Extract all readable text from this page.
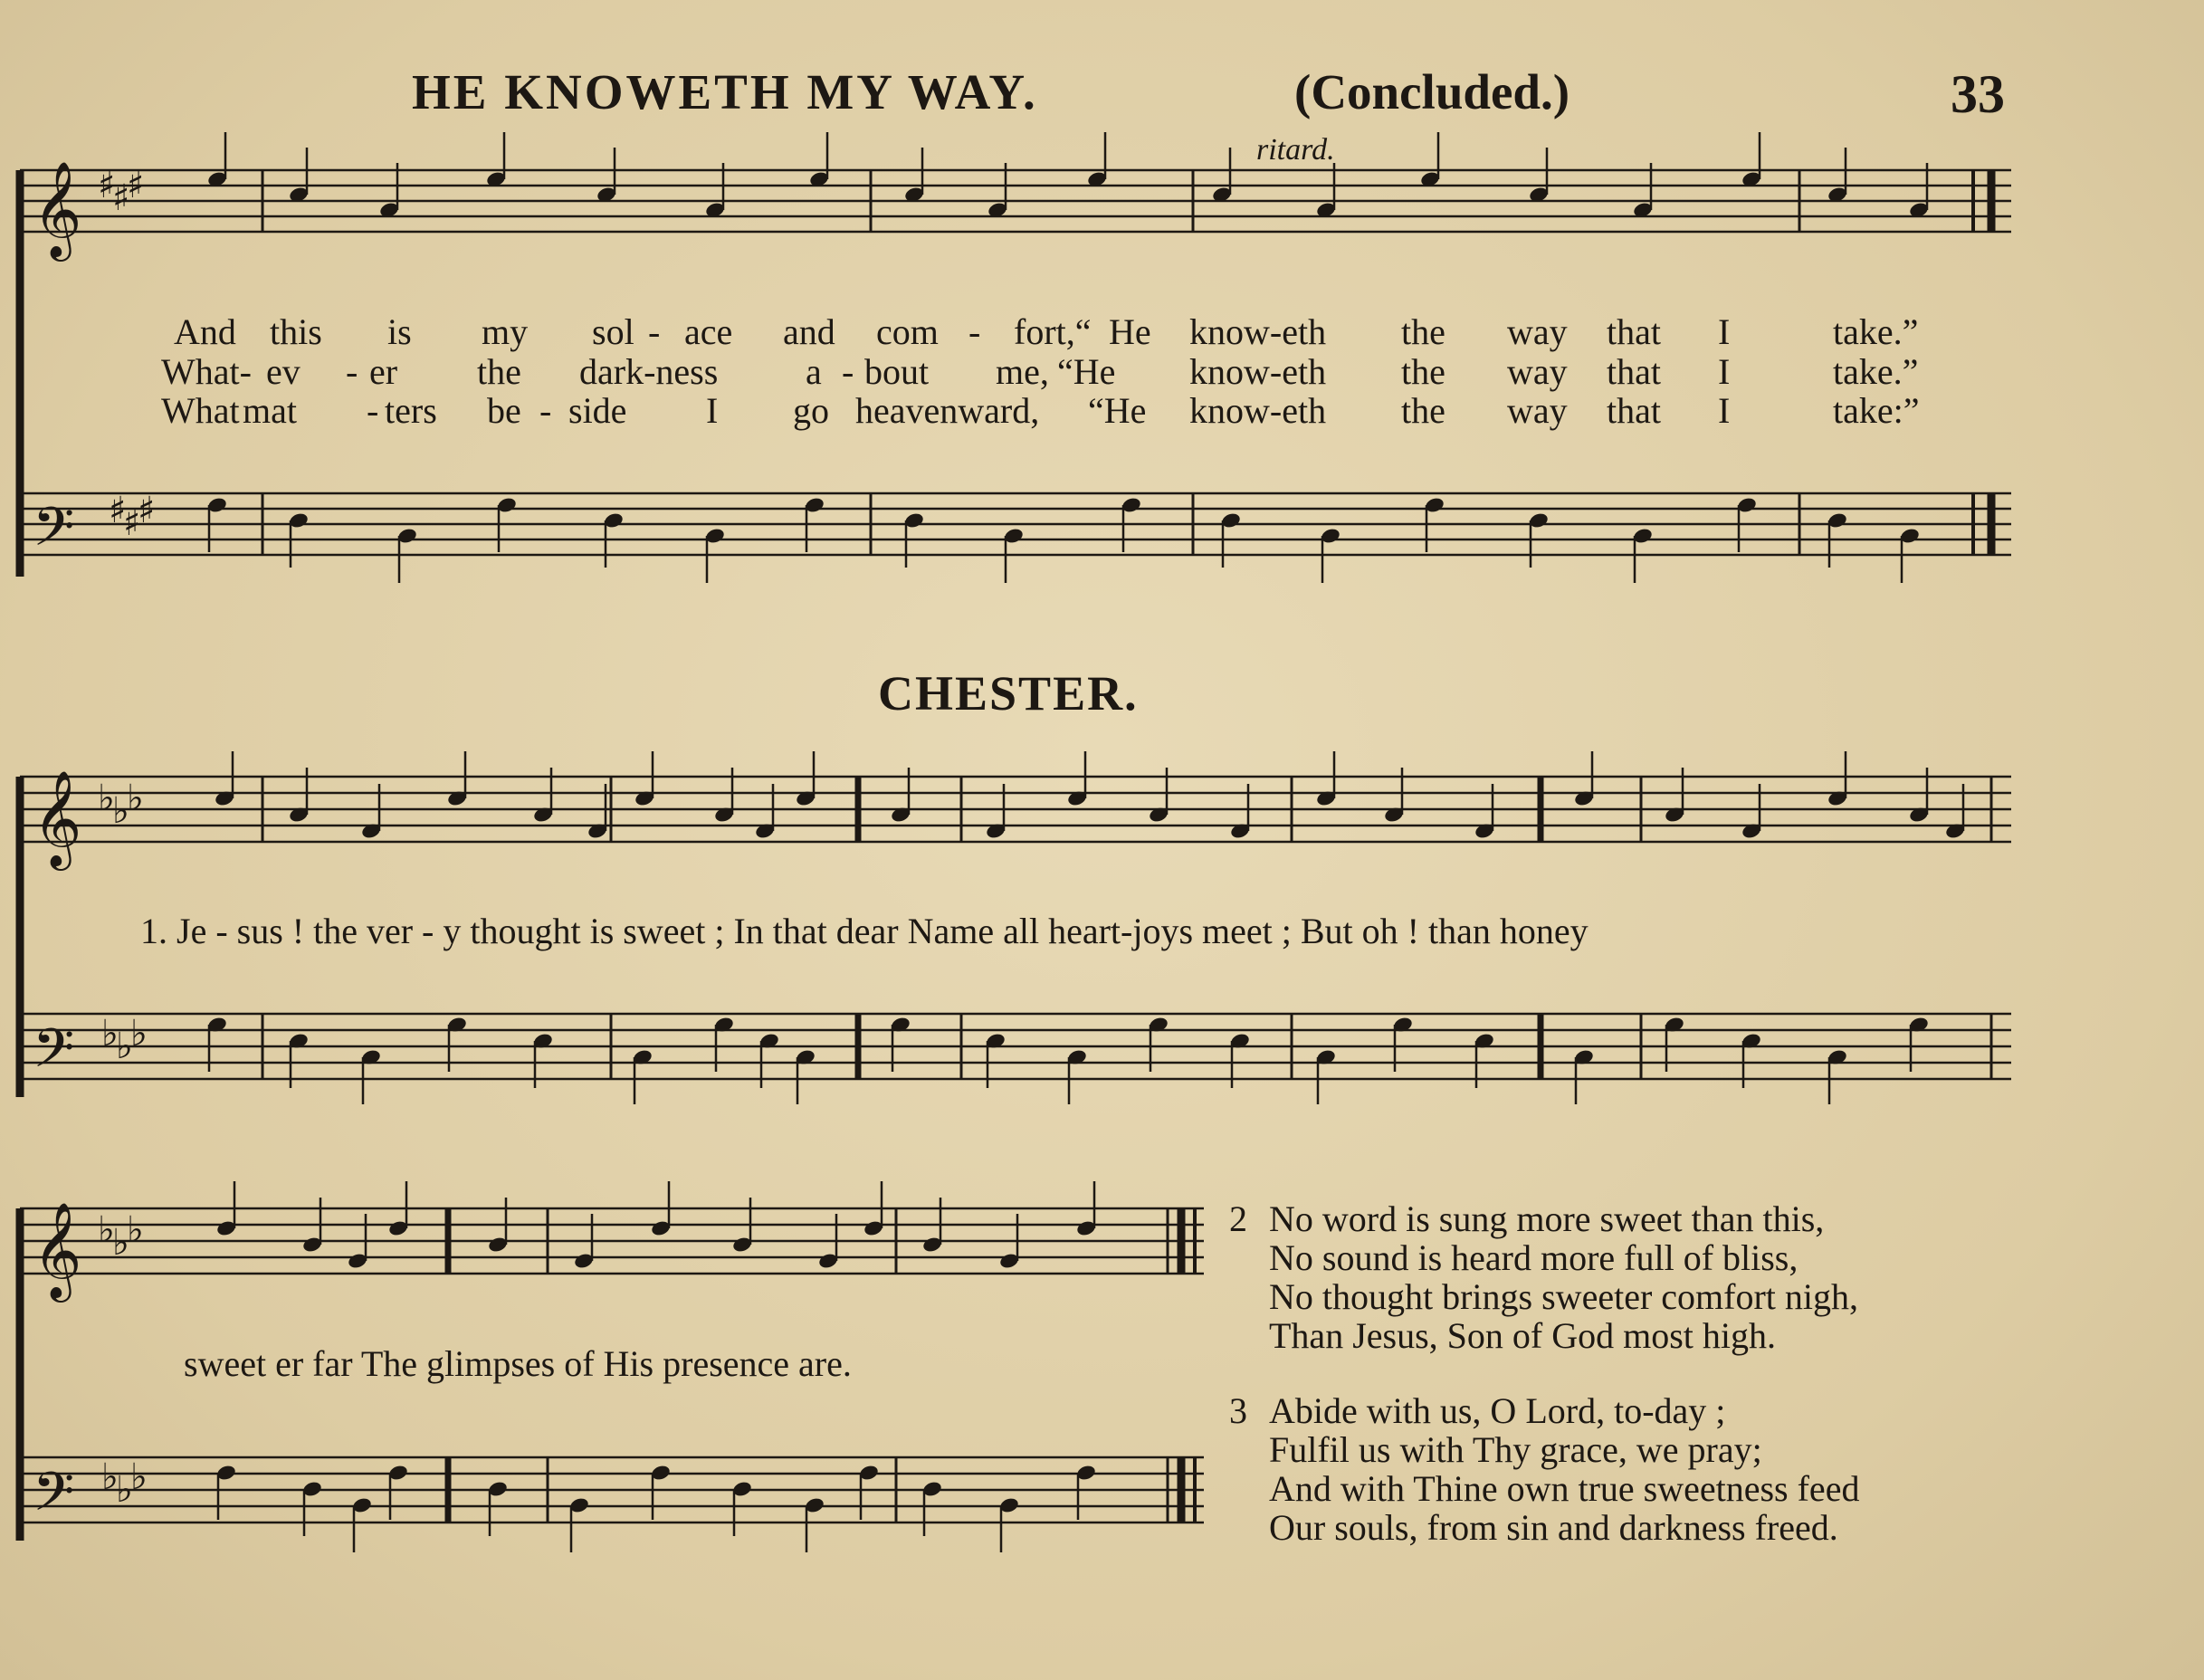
HE KNOWETH MY WAY.	(Concluded.)	33
ritard.
𝄞
𝄢
♯
♯
♯
♯
♯
♯
𝄞
𝄢
♭
♭
♭
♭
♭
♭
𝄞
𝄢
♭
♭
♭
♭
♭
♭
And this is my sol - ace and com - fort,“ He know-eth the way that I	take.”
What- ev - er the dark-ness a - bout me, “He know-eth the way that I	take.”
What mat - ters be - side I go heavenward, “He know-eth the way that I	take:”
CHESTER.
1. Je - sus ! the ver - y thought is sweet ; In that dear Name all heart-joys meet ; But oh ! than honey
sweet er far The glimpses of His presence are.
2 No word is sung more sweet than this,
No sound is heard more full of bliss,
No thought brings sweeter comfort nigh,
Than Jesus, Son of God most high.
3 Abide with us, O Lord, to-day ;
Fulfil us with Thy grace, we pray;
And with Thine own true sweetness feed
Our souls, from sin and darkness freed.
